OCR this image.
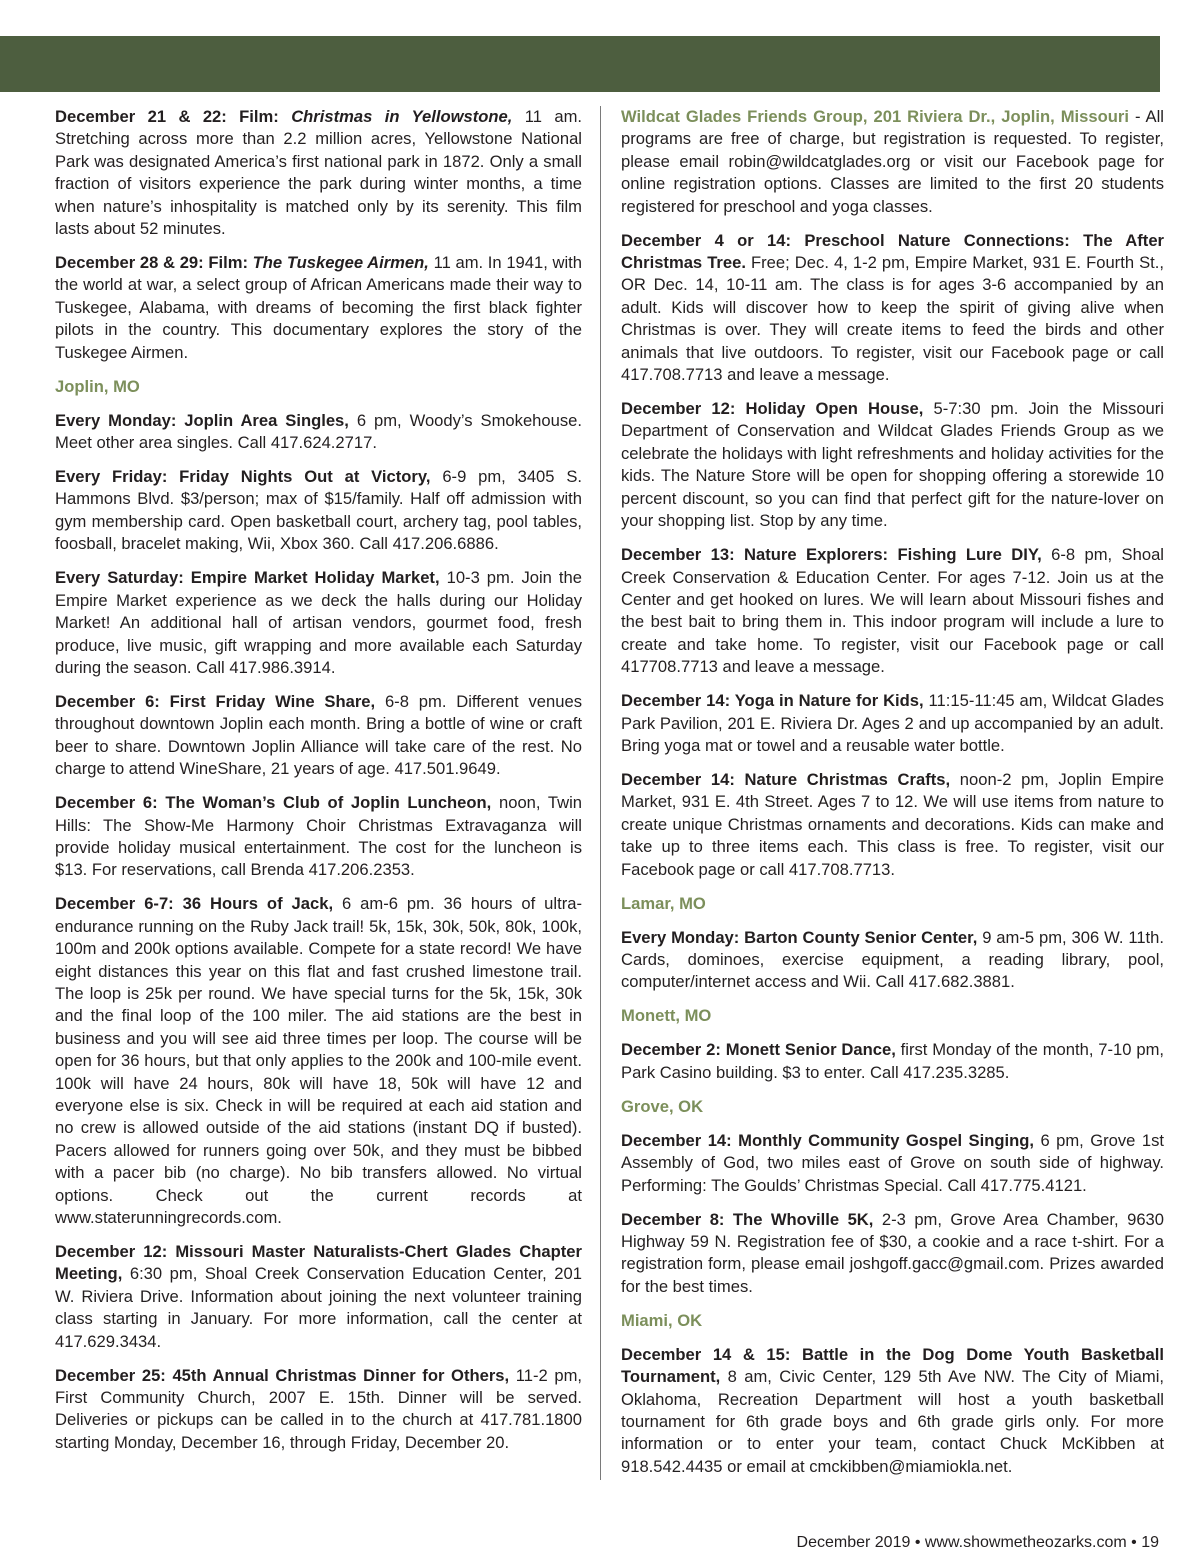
December 21 & 22: Film: Christmas in Yellowstone, 11 am. Stretching across more than 2.2 million acres, Yellowstone National Park was designated America’s first national park in 1872. Only a small fraction of visitors experience the park during winter months, a time when nature’s inhospitality is matched only by its serenity. This film lasts about 52 minutes.

December 28 & 29: Film: The Tuskegee Airmen, 11 am. In 1941, with the world at war, a select group of African Americans made their way to Tuskegee, Alabama, with dreams of becoming the first black fighter pilots in the country. This documentary explores the story of the Tuskegee Airmen.

Joplin, MO

Every Monday: Joplin Area Singles, 6 pm, Woody’s Smokehouse. Meet other area singles. Call 417.624.2717.

Every Friday: Friday Nights Out at Victory, 6-9 pm, 3405 S. Hammons Blvd. $3/person; max of $15/family. Half off admission with gym membership card. Open basketball court, archery tag, pool tables, foosball, bracelet making, Wii, Xbox 360. Call 417.206.6886.

Every Saturday: Empire Market Holiday Market, 10-3 pm. Join the Empire Market experience as we deck the halls during our Holiday Market! An additional hall of artisan vendors, gourmet food, fresh produce, live music, gift wrapping and more available each Saturday during the season. Call 417.986.3914.

December 6: First Friday Wine Share, 6-8 pm. Different venues throughout downtown Joplin each month. Bring a bottle of wine or craft beer to share. Downtown Joplin Alliance will take care of the rest. No charge to attend WineShare, 21 years of age. 417.501.9649.

December 6: The Woman’s Club of Joplin Luncheon, noon, Twin Hills: The Show-Me Harmony Choir Christmas Extravaganza will provide holiday musical entertainment. The cost for the luncheon is $13. For reservations, call Brenda 417.206.2353.

December 6-7: 36 Hours of Jack, 6 am-6 pm. 36 hours of ultra-endurance running on the Ruby Jack trail! 5k, 15k, 30k, 50k, 80k, 100k, 100m and 200k options available. Compete for a state record! We have eight distances this year on this flat and fast crushed limestone trail. The loop is 25k per round. We have special turns for the 5k, 15k, 30k and the final loop of the 100 miler. The aid stations are the best in business and you will see aid three times per loop. The course will be open for 36 hours, but that only applies to the 200k and 100-mile event. 100k will have 24 hours, 80k will have 18, 50k will have 12 and everyone else is six. Check in will be required at each aid station and no crew is allowed outside of the aid stations (instant DQ if busted). Pacers allowed for runners going over 50k, and they must be bibbed with a pacer bib (no charge). No bib transfers allowed. No virtual options. Check out the current records at www.staterunningrecords.com.

December 12: Missouri Master Naturalists-Chert Glades Chapter Meeting, 6:30 pm, Shoal Creek Conservation Education Center, 201 W. Riviera Drive. Information about joining the next volunteer training class starting in January. For more information, call the center at 417.629.3434.

December 25: 45th Annual Christmas Dinner for Others, 11-2 pm, First Community Church, 2007 E. 15th. Dinner will be served. Deliveries or pickups can be called in to the church at 417.781.1800 starting Monday, December 16, through Friday, December 20.

Wildcat Glades Friends Group, 201 Riviera Dr., Joplin, Missouri - All programs are free of charge, but registration is requested. To register, please email robin@wildcatglades.org or visit our Facebook page for online registration options. Classes are limited to the first 20 students registered for preschool and yoga classes.

December 4 or 14: Preschool Nature Connections: The After Christmas Tree. Free; Dec. 4, 1-2 pm, Empire Market, 931 E. Fourth St., OR Dec. 14, 10-11 am. The class is for ages 3-6 accompanied by an adult. Kids will discover how to keep the spirit of giving alive when Christmas is over. They will create items to feed the birds and other animals that live outdoors. To register, visit our Facebook page or call 417.708.7713 and leave a message.

December 12: Holiday Open House, 5-7:30 pm. Join the Missouri Department of Conservation and Wildcat Glades Friends Group as we celebrate the holidays with light refreshments and holiday activities for the kids. The Nature Store will be open for shopping offering a storewide 10 percent discount, so you can find that perfect gift for the nature-lover on your shopping list. Stop by any time.

December 13: Nature Explorers: Fishing Lure DIY, 6-8 pm, Shoal Creek Conservation & Education Center. For ages 7-12. Join us at the Center and get hooked on lures. We will learn about Missouri fishes and the best bait to bring them in. This indoor program will include a lure to create and take home. To register, visit our Facebook page or call 417708.7713 and leave a message.

December 14: Yoga in Nature for Kids, 11:15-11:45 am, Wildcat Glades Park Pavilion, 201 E. Riviera Dr. Ages 2 and up accompanied by an adult. Bring yoga mat or towel and a reusable water bottle.

December 14: Nature Christmas Crafts, noon-2 pm, Joplin Empire Market, 931 E. 4th Street. Ages 7 to 12. We will use items from nature to create unique Christmas ornaments and decorations. Kids can make and take up to three items each. This class is free. To register, visit our Facebook page or call 417.708.7713.

Lamar, MO

Every Monday: Barton County Senior Center, 9 am-5 pm, 306 W. 11th. Cards, dominoes, exercise equipment, a reading library, pool, computer/internet access and Wii. Call 417.682.3881.

Monett, MO

December 2: Monett Senior Dance, first Monday of the month, 7-10 pm, Park Casino building. $3 to enter. Call 417.235.3285.

Grove, OK

December 14: Monthly Community Gospel Singing, 6 pm, Grove 1st Assembly of God, two miles east of Grove on south side of highway. Performing: The Goulds’ Christmas Special. Call 417.775.4121.

December 8: The Whoville 5K, 2-3 pm, Grove Area Chamber, 9630 Highway 59 N. Registration fee of $30, a cookie and a race t-shirt. For a registration form, please email joshgoff.gacc@gmail.com. Prizes awarded for the best times.

Miami, OK

December 14 & 15: Battle in the Dog Dome Youth Basketball Tournament, 8 am, Civic Center, 129 5th Ave NW. The City of Miami, Oklahoma, Recreation Department will host a youth basketball tournament for 6th grade boys and 6th grade girls only. For more information or to enter your team, contact Chuck McKibben at 918.542.4435 or email at cmckibben@miamiokla.net.

December 2019 • www.showmetheozarks.com • 19
